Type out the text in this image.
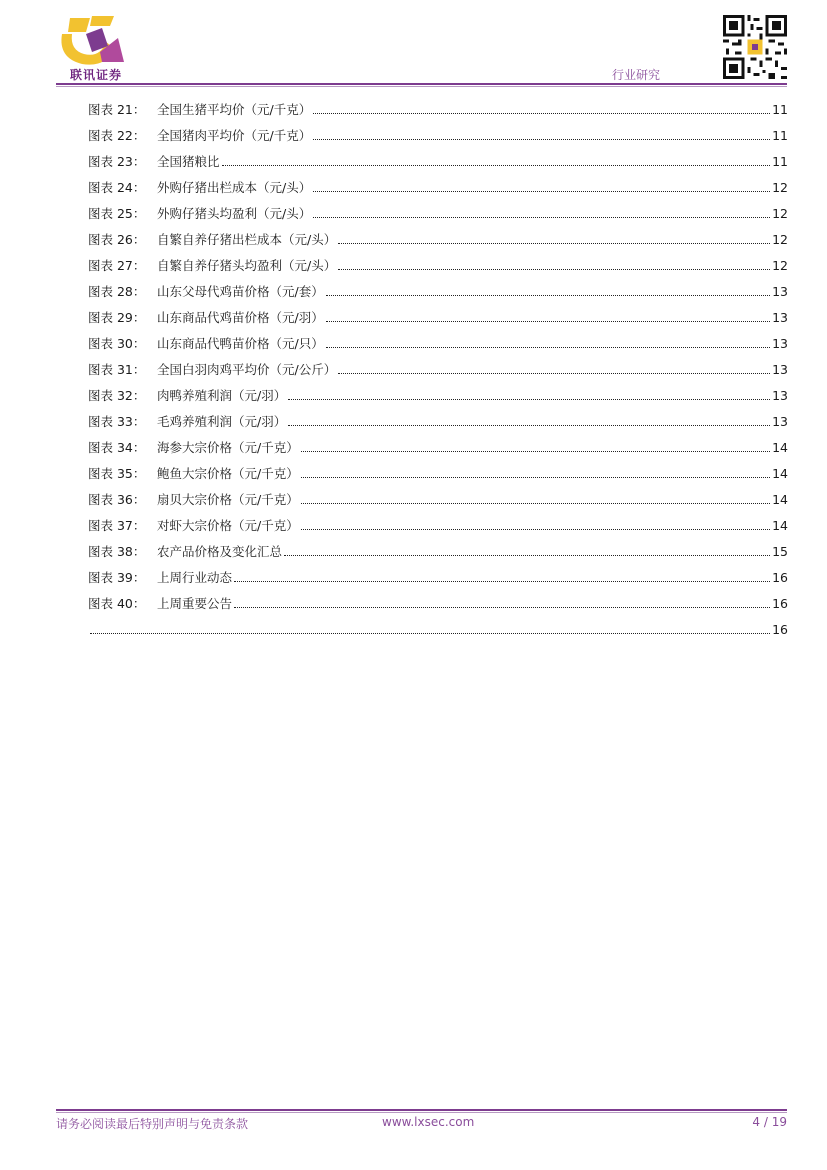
联讯证券	行业研究
图表 21： 全国生猪平均价（元/千克）	11
图表 22： 全国猪肉平均价（元/千克）	11
图表 23： 全国猪粮比	11
图表 24： 外购仔猪出栏成本（元/头）	12
图表 25： 外购仔猪头均盈利（元/头）	12
图表 26： 自繁自养仔猪出栏成本（元/头）	12
图表 27： 自繁自养仔猪头均盈利（元/头）	12
图表 28： 山东父母代鸡苗价格（元/套）	13
图表 29： 山东商品代鸡苗价格（元/羽）	13
图表 30： 山东商品代鸭苗价格（元/只）	13
图表 31： 全国白羽肉鸡平均价（元/公斤）	13
图表 32： 肉鸭养殖利润（元/羽）	13
图表 33： 毛鸡养殖利润（元/羽）	13
图表 34： 海参大宗价格（元/千克）	14
图表 35： 鲍鱼大宗价格（元/千克）	14
图表 36： 扇贝大宗价格（元/千克）	14
图表 37： 对虾大宗价格（元/千克）	14
图表 38： 农产品价格及变化汇总	15
图表 39： 上周行业动态	16
图表 40： 上周重要公告	16
16
请务必阅读最后特别声明与免责条款	www.lxsec.com	4 / 19
